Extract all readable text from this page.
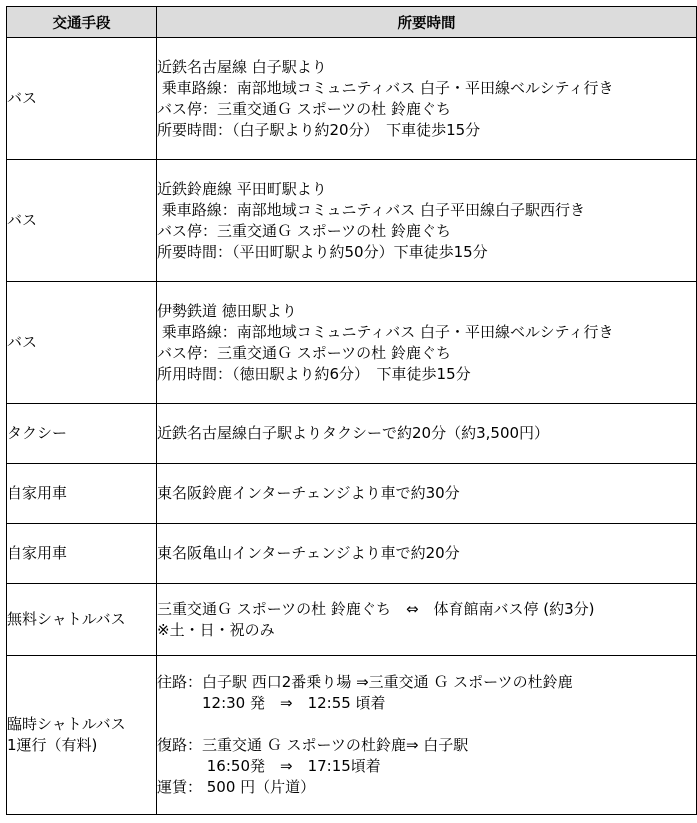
交通手段	所要時間
バス	近鉄名古屋線 白子駅より
乗車路線：南部地域コミュニティバス 白子・平田線ベルシティ行き
バス停：三重交通Ｇ スポーツの杜 鈴鹿ぐち
所要時間：（白子駅より約20分）　下車徒歩15分

バス	近鉄鈴鹿線 平田町駅より
乗車路線：南部地域コミュニティバス 白子平田線白子駅西行き
バス停：三重交通Ｇ スポーツの杜 鈴鹿ぐち
所要時間：（平田町駅より約50分）下車徒歩15分

バス	伊勢鉄道 徳田駅より
乗車路線：南部地域コミュニティバス 白子・平田線ベルシティ行き
バス停：三重交通Ｇ スポーツの杜 鈴鹿ぐち
所用時間：（徳田駅より約6分）　下車徒歩15分

タクシー	近鉄名古屋線白子駅よりタクシーで約20分（約3,500円）

自家用車	東名阪鈴鹿インターチェンジより車で約30分

自家用車	東名阪亀山インターチェンジより車で約20分

無料シャトルバス	三重交通Ｇ スポーツの杜 鈴鹿ぐち　⇔　体育館南バス停 (約3分)
※土・日・祝のみ

臨時シャトルバス
1運行（有料)	往路：白子駅 西口2番乗り場 ⇒三重交通 Ｇ スポーツの杜鈴鹿
　　　12:30 発　⇒　12:55 頃着
復路：三重交通 Ｇ スポーツの杜鈴鹿⇒ 白子駅
　　　 16:50発　⇒　17:15頃着
運賃： 500 円（片道）
